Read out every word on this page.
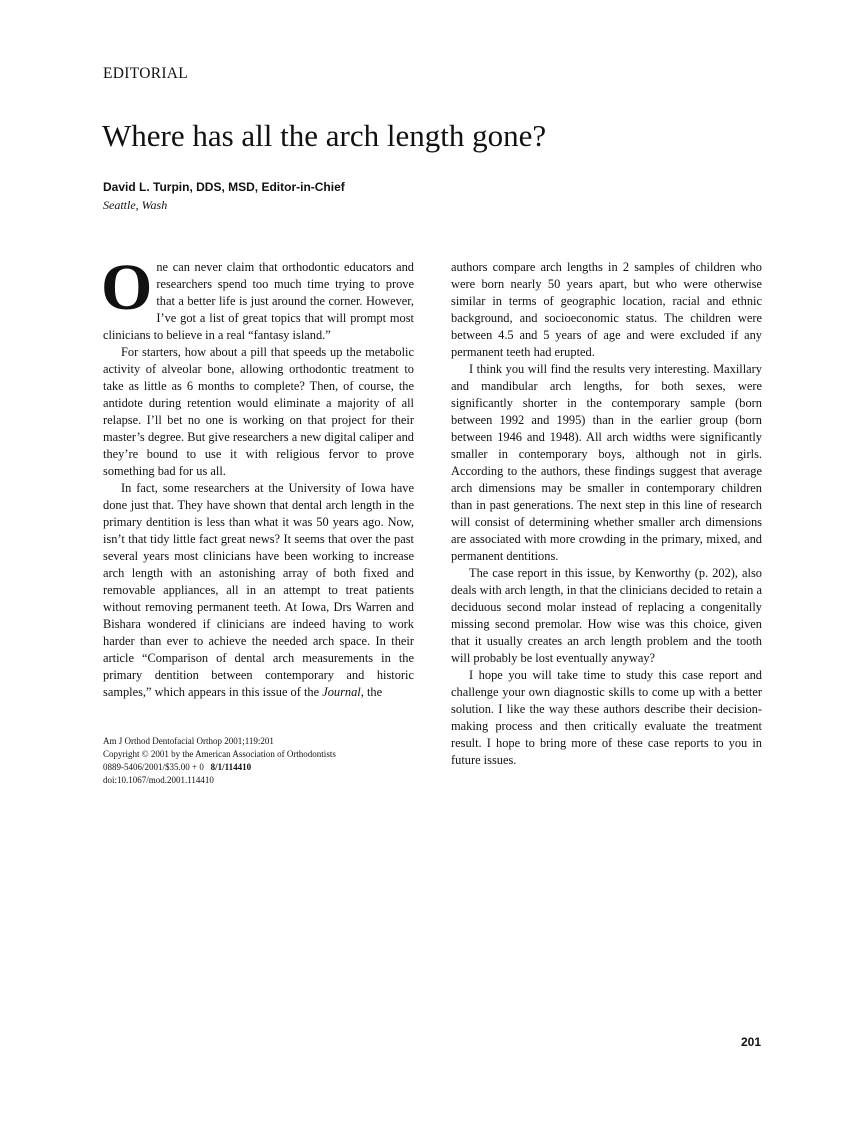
EDITORIAL
Where has all the arch length gone?
David L. Turpin, DDS, MSD, Editor-in-Chief
Seattle, Wash

One can never claim that orthodontic educators and researchers spend too much time trying to prove that a better life is just around the corner. However, I’ve got a list of great topics that will prompt most clinicians to believe in a real “fantasy island.”

For starters, how about a pill that speeds up the metabolic activity of alveolar bone, allowing orthodontic treatment to take as little as 6 months to complete? Then, of course, the antidote during retention would eliminate a majority of all relapse. I’ll bet no one is working on that project for their master’s degree. But give researchers a new digital caliper and they’re bound to use it with religious fervor to prove something bad for us all.

In fact, some researchers at the University of Iowa have done just that. They have shown that dental arch length in the primary dentition is less than what it was 50 years ago. Now, isn’t that tidy little fact great news? It seems that over the past several years most clinicians have been working to increase arch length with an astonishing array of both fixed and removable appliances, all in an attempt to treat patients without removing permanent teeth. At Iowa, Drs Warren and Bishara wondered if clinicians are indeed having to work harder than ever to achieve the needed arch space. In their article “Comparison of dental arch measurements in the primary dentition between contemporary and historic samples,” which appears in this issue of the Journal, the

authors compare arch lengths in 2 samples of children who were born nearly 50 years apart, but who were otherwise similar in terms of geographic location, racial and ethnic background, and socioeconomic status. The children were between 4.5 and 5 years of age and were excluded if any permanent teeth had erupted.

I think you will find the results very interesting. Maxillary and mandibular arch lengths, for both sexes, were significantly shorter in the contemporary sample (born between 1992 and 1995) than in the earlier group (born between 1946 and 1948). All arch widths were significantly smaller in contemporary boys, although not in girls. According to the authors, these findings suggest that average arch dimensions may be smaller in contemporary children than in past generations. The next step in this line of research will consist of determining whether smaller arch dimensions are associated with more crowding in the primary, mixed, and permanent dentitions.

The case report in this issue, by Kenworthy (p. 202), also deals with arch length, in that the clinicians decided to retain a deciduous second molar instead of replacing a congenitally missing second premolar. How wise was this choice, given that it usually creates an arch length problem and the tooth will probably be lost eventually anyway?

I hope you will take time to study this case report and challenge your own diagnostic skills to come up with a better solution. I like the way these authors describe their decision-making process and then critically evaluate the treatment result. I hope to bring more of these case reports to you in future issues.

Am J Orthod Dentofacial Orthop 2001;119:201
Copyright © 2001 by the American Association of Orthodontists
0889-5406/2001/$35.00 + 0 8/1/114410
doi:10.1067/mod.2001.114410
201
